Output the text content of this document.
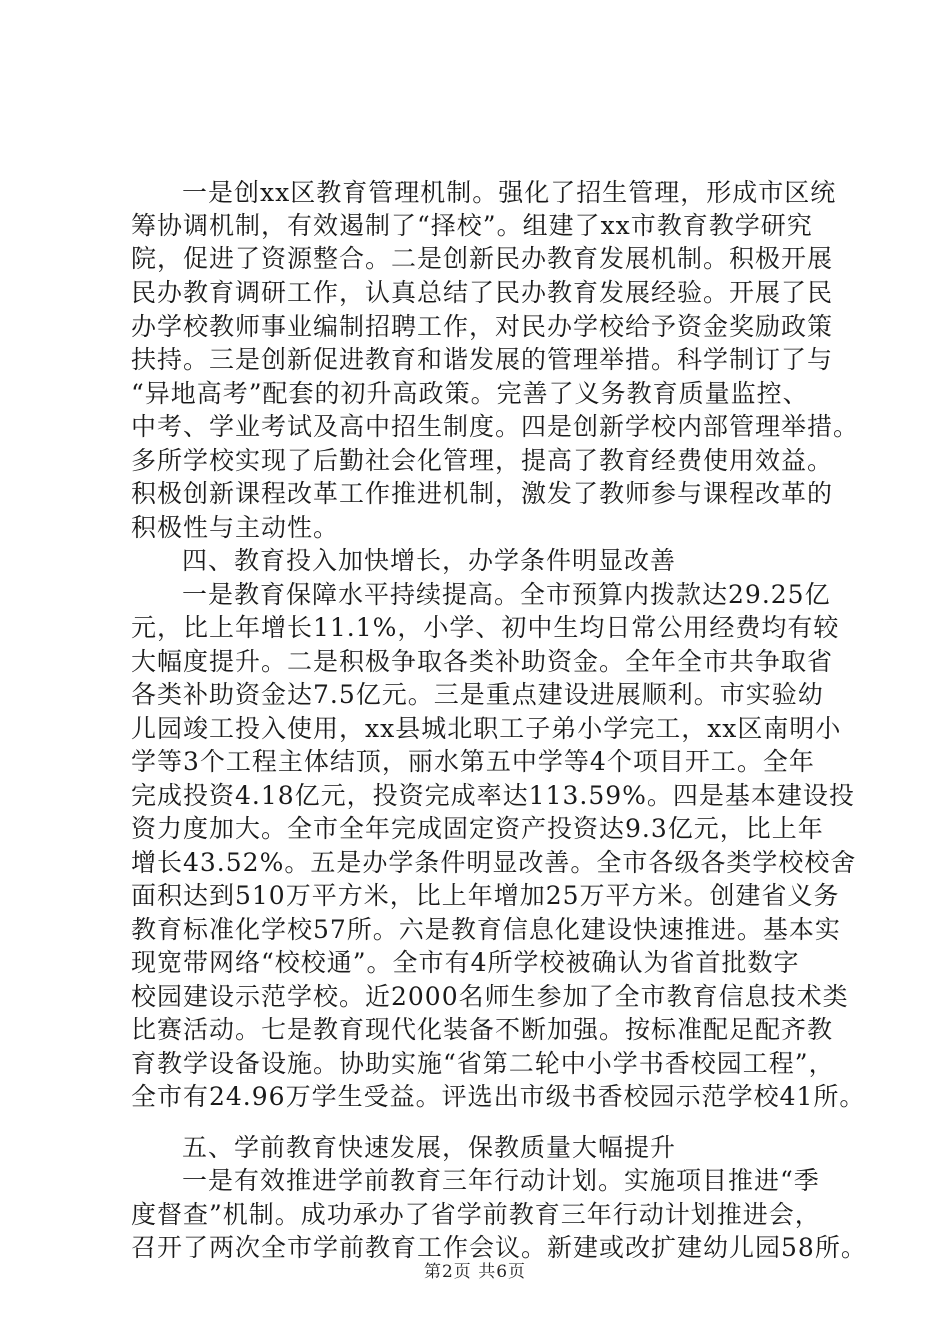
一是创xx区教育管理机制。强化了招生管理，形成市区统
筹协调机制，有效遏制了“择校”。组建了xx市教育教学研究
院，促进了资源整合。二是创新民办教育发展机制。积极开展
民办教育调研工作，认真总结了民办教育发展经验。开展了民
办学校教师事业编制招聘工作，对民办学校给予资金奖励政策
扶持。三是创新促进教育和谐发展的管理举措。科学制订了与
“异地高考”配套的初升高政策。完善了义务教育质量监控、
中考、学业考试及高中招生制度。四是创新学校内部管理举措。
多所学校实现了后勤社会化管理，提高了教育经费使用效益。
积极创新课程改革工作推进机制，激发了教师参与课程改革的
积极性与主动性。
四、教育投入加快增长，办学条件明显改善
一是教育保障水平持续提高。全市预算内拨款达29.25亿
元，比上年增长11.1%，小学、初中生均日常公用经费均有较
大幅度提升。二是积极争取各类补助资金。全年全市共争取省
各类补助资金达7.5亿元。三是重点建设进展顺利。市实验幼
儿园竣工投入使用，xx县城北职工子弟小学完工，xx区南明小
学等3个工程主体结顶，丽水第五中学等4个项目开工。全年
完成投资4.18亿元，投资完成率达113.59%。四是基本建设投
资力度加大。全市全年完成固定资产投资达9.3亿元，比上年
增长43.52%。五是办学条件明显改善。全市各级各类学校校舍
面积达到510万平方米，比上年增加25万平方米。创建省义务
教育标准化学校57所。六是教育信息化建设快速推进。基本实
现宽带网络“校校通”。全市有4所学校被确认为省首批数字
校园建设示范学校。近2000名师生参加了全市教育信息技术类
比赛活动。七是教育现代化装备不断加强。按标准配足配齐教
育教学设备设施。协助实施“省第二轮中小学书香校园工程”，
全市有24.96万学生受益。评选出市级书香校园示范学校41所。
五、学前教育快速发展，保教质量大幅提升
一是有效推进学前教育三年行动计划。实施项目推进“季
度督查”机制。成功承办了省学前教育三年行动计划推进会，
召开了两次全市学前教育工作会议。新建或改扩建幼儿园58所。
第2页 共6页
